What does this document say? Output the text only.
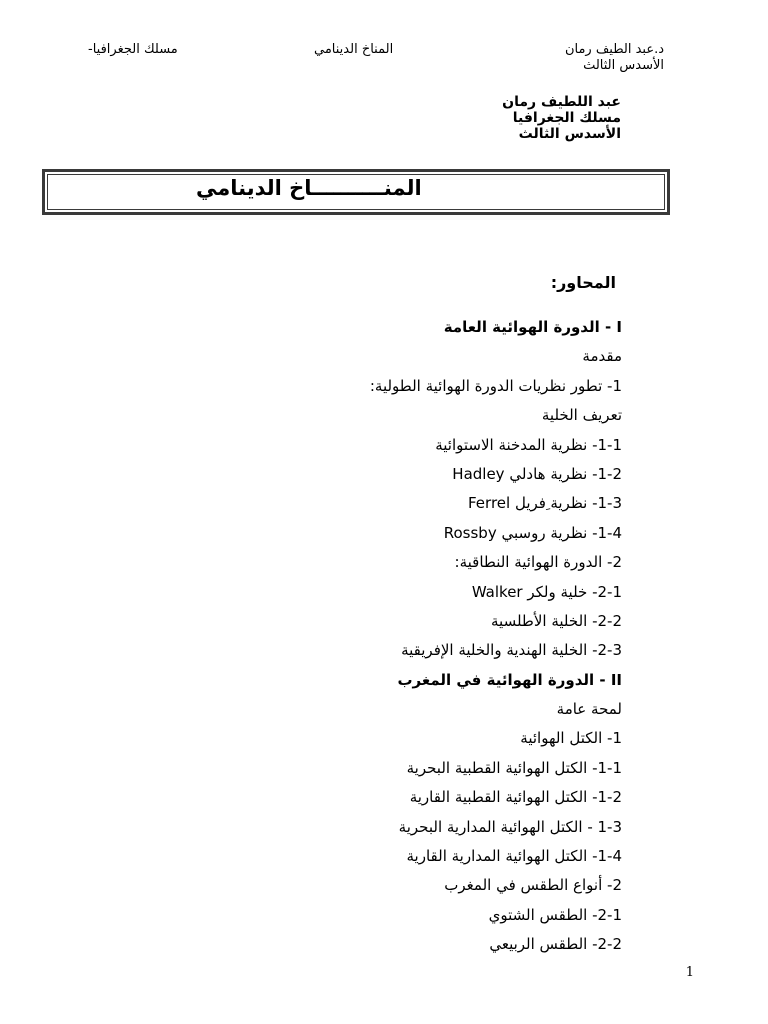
د.عبد الطيف رمان
الأسدس الثالث
المناخ الدينامي
مسلك الجغرافيا-
عبد اللطيف رمان
مسلك الجغرافيا
الأسدس الثالث
المنــــــــــاخ الدينامي
المحاور:
I - الدورة الهوائية العامة
مقدمة
1- تطور نظريات الدورة الهوائية الطولية:
تعريف الخلية
1-1- نظرية المدخنة الاستوائية
1-2- نظرية هادلي Hadley
1-3- نظرية ِفريل Ferrel
1-4- نظرية روسبي Rossby
2- الدورة الهوائية النطاقية:
2-1- خلية ولكر Walker
2-2- الخلية الأطلسية
2-3- الخلية الهندية والخلية الإفريقية
II - الدورة الهوائية في المغرب
لمحة عامة
1- الكتل الهوائية
1-1- الكتل الهوائية القطبية البحرية
1-2- الكتل الهوائية القطبية القارية
1-3 - الكتل الهوائية المدارية البحرية
1-4- الكتل الهوائية المدارية القارية
2- أنواع الطقس في المغرب
2-1- الطقس الشتوي
2-2- الطقس الربيعي
1
